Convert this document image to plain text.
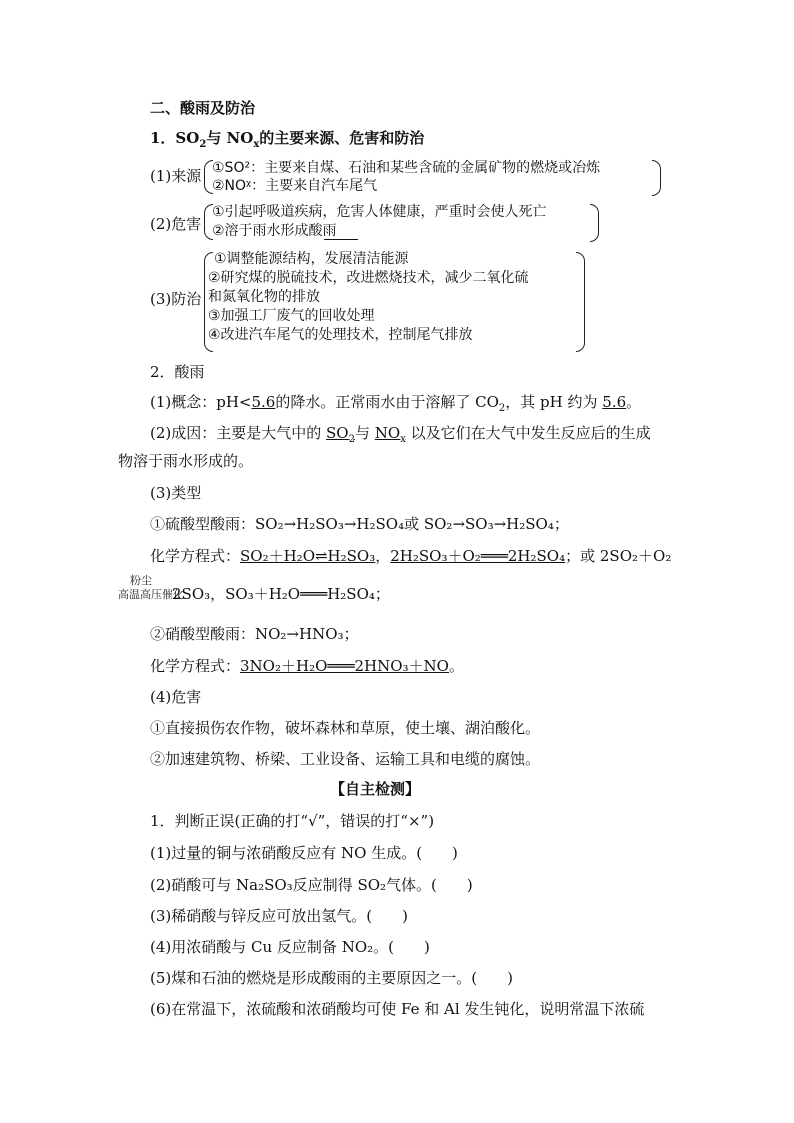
二、酸雨及防治
1．$SO_2$与 $NO_x$的主要来源、危害和防治
(1)来源 ①SO²：主要来自煤、石油和某些含硫的金属矿物的燃烧或冶炼
②NOᵡ：主要来自汽车尾气
(2)危害
①引起呼吸道疾病，危害人体健康，严重时会使人死亡
②溶于雨水形成酸雨
(3)防治
①调整能源结构，发展清洁能源
②研究煤的脱硫技术，改进燃烧技术，减少二氧化硫
和氮氧化物的排放
③加强工厂废气的回收处理
④改进汽车尾气的处理技术，控制尾气排放
2．酸雨
(1)概念：pH<5.6的降水。正常雨水由于溶解了 $CO_2$，其 pH 约为 5.6。
(2)成因：主要是大气中的 $SO_2$与 $NO_x$ 以及它们在大气中发生反应后的生成
物溶于雨水形成的。
(3)类型
①硫酸型酸雨：SO₂→H₂SO₃→H₂SO₄或 SO₂→SO₃→H₂SO₄；
化学方程式：SO₂＋H₂O⇌H₂SO₃，2H₂SO₃＋O₂═══2H₂SO₄；或 2SO₂＋O₂
粉尘
高温高压催化
2SO₃，SO₃＋H₂O═══H₂SO₄；
②硝酸型酸雨：NO₂→HNO₃；
化学方程式：3NO₂＋H₂O═══2HNO₃＋NO。
(4)危害
①直接损伤农作物，破坏森林和草原，使土壤、湖泊酸化。
②加速建筑物、桥梁、工业设备、运输工具和电缆的腐蚀。
【自主检测】
1．判断正误(正确的打“√”，错误的打“×”)
(1)过量的铜与浓硝酸反应有 NO 生成。(　　)
(2)硝酸可与 Na₂SO₃反应制得 SO₂气体。(　　)
(3)稀硝酸与锌反应可放出氢气。(　　)
(4)用浓硝酸与 Cu 反应制备 NO₂。(　　)
(5)煤和石油的燃烧是形成酸雨的主要原因之一。(　　)
(6)在常温下，浓硫酸和浓硝酸均可使 Fe 和 Al 发生钝化，说明常温下浓硫
